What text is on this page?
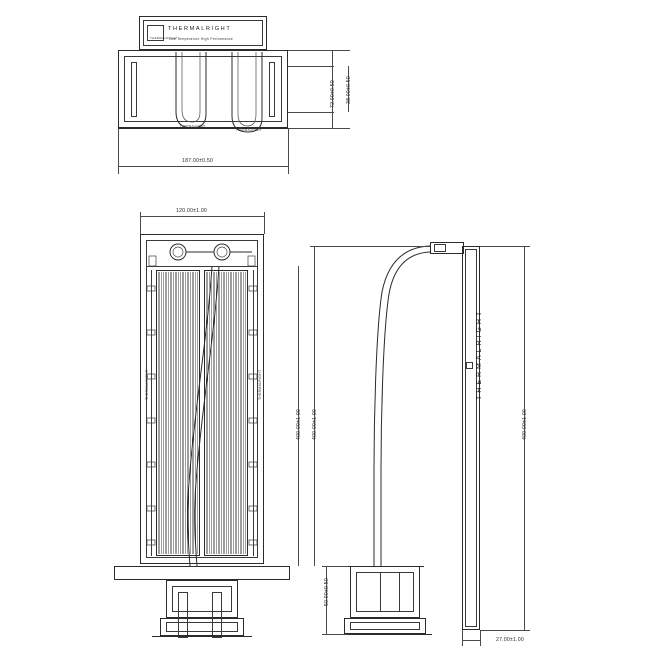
THERMALRIGHT
THERMALRIGHT
Low Temperature High Performance
THERMALRIGHT
THERMALRIGHT
72.00±0.50 38.00±0.50
187.00±0.50
120.00±1.00
THERMALRIGHT	THERMALRIGHT	THERMALRIGHT
400.00±1.00
50.00±0.50
400.00±1.00
27.00±1.00
400.00±1.00
